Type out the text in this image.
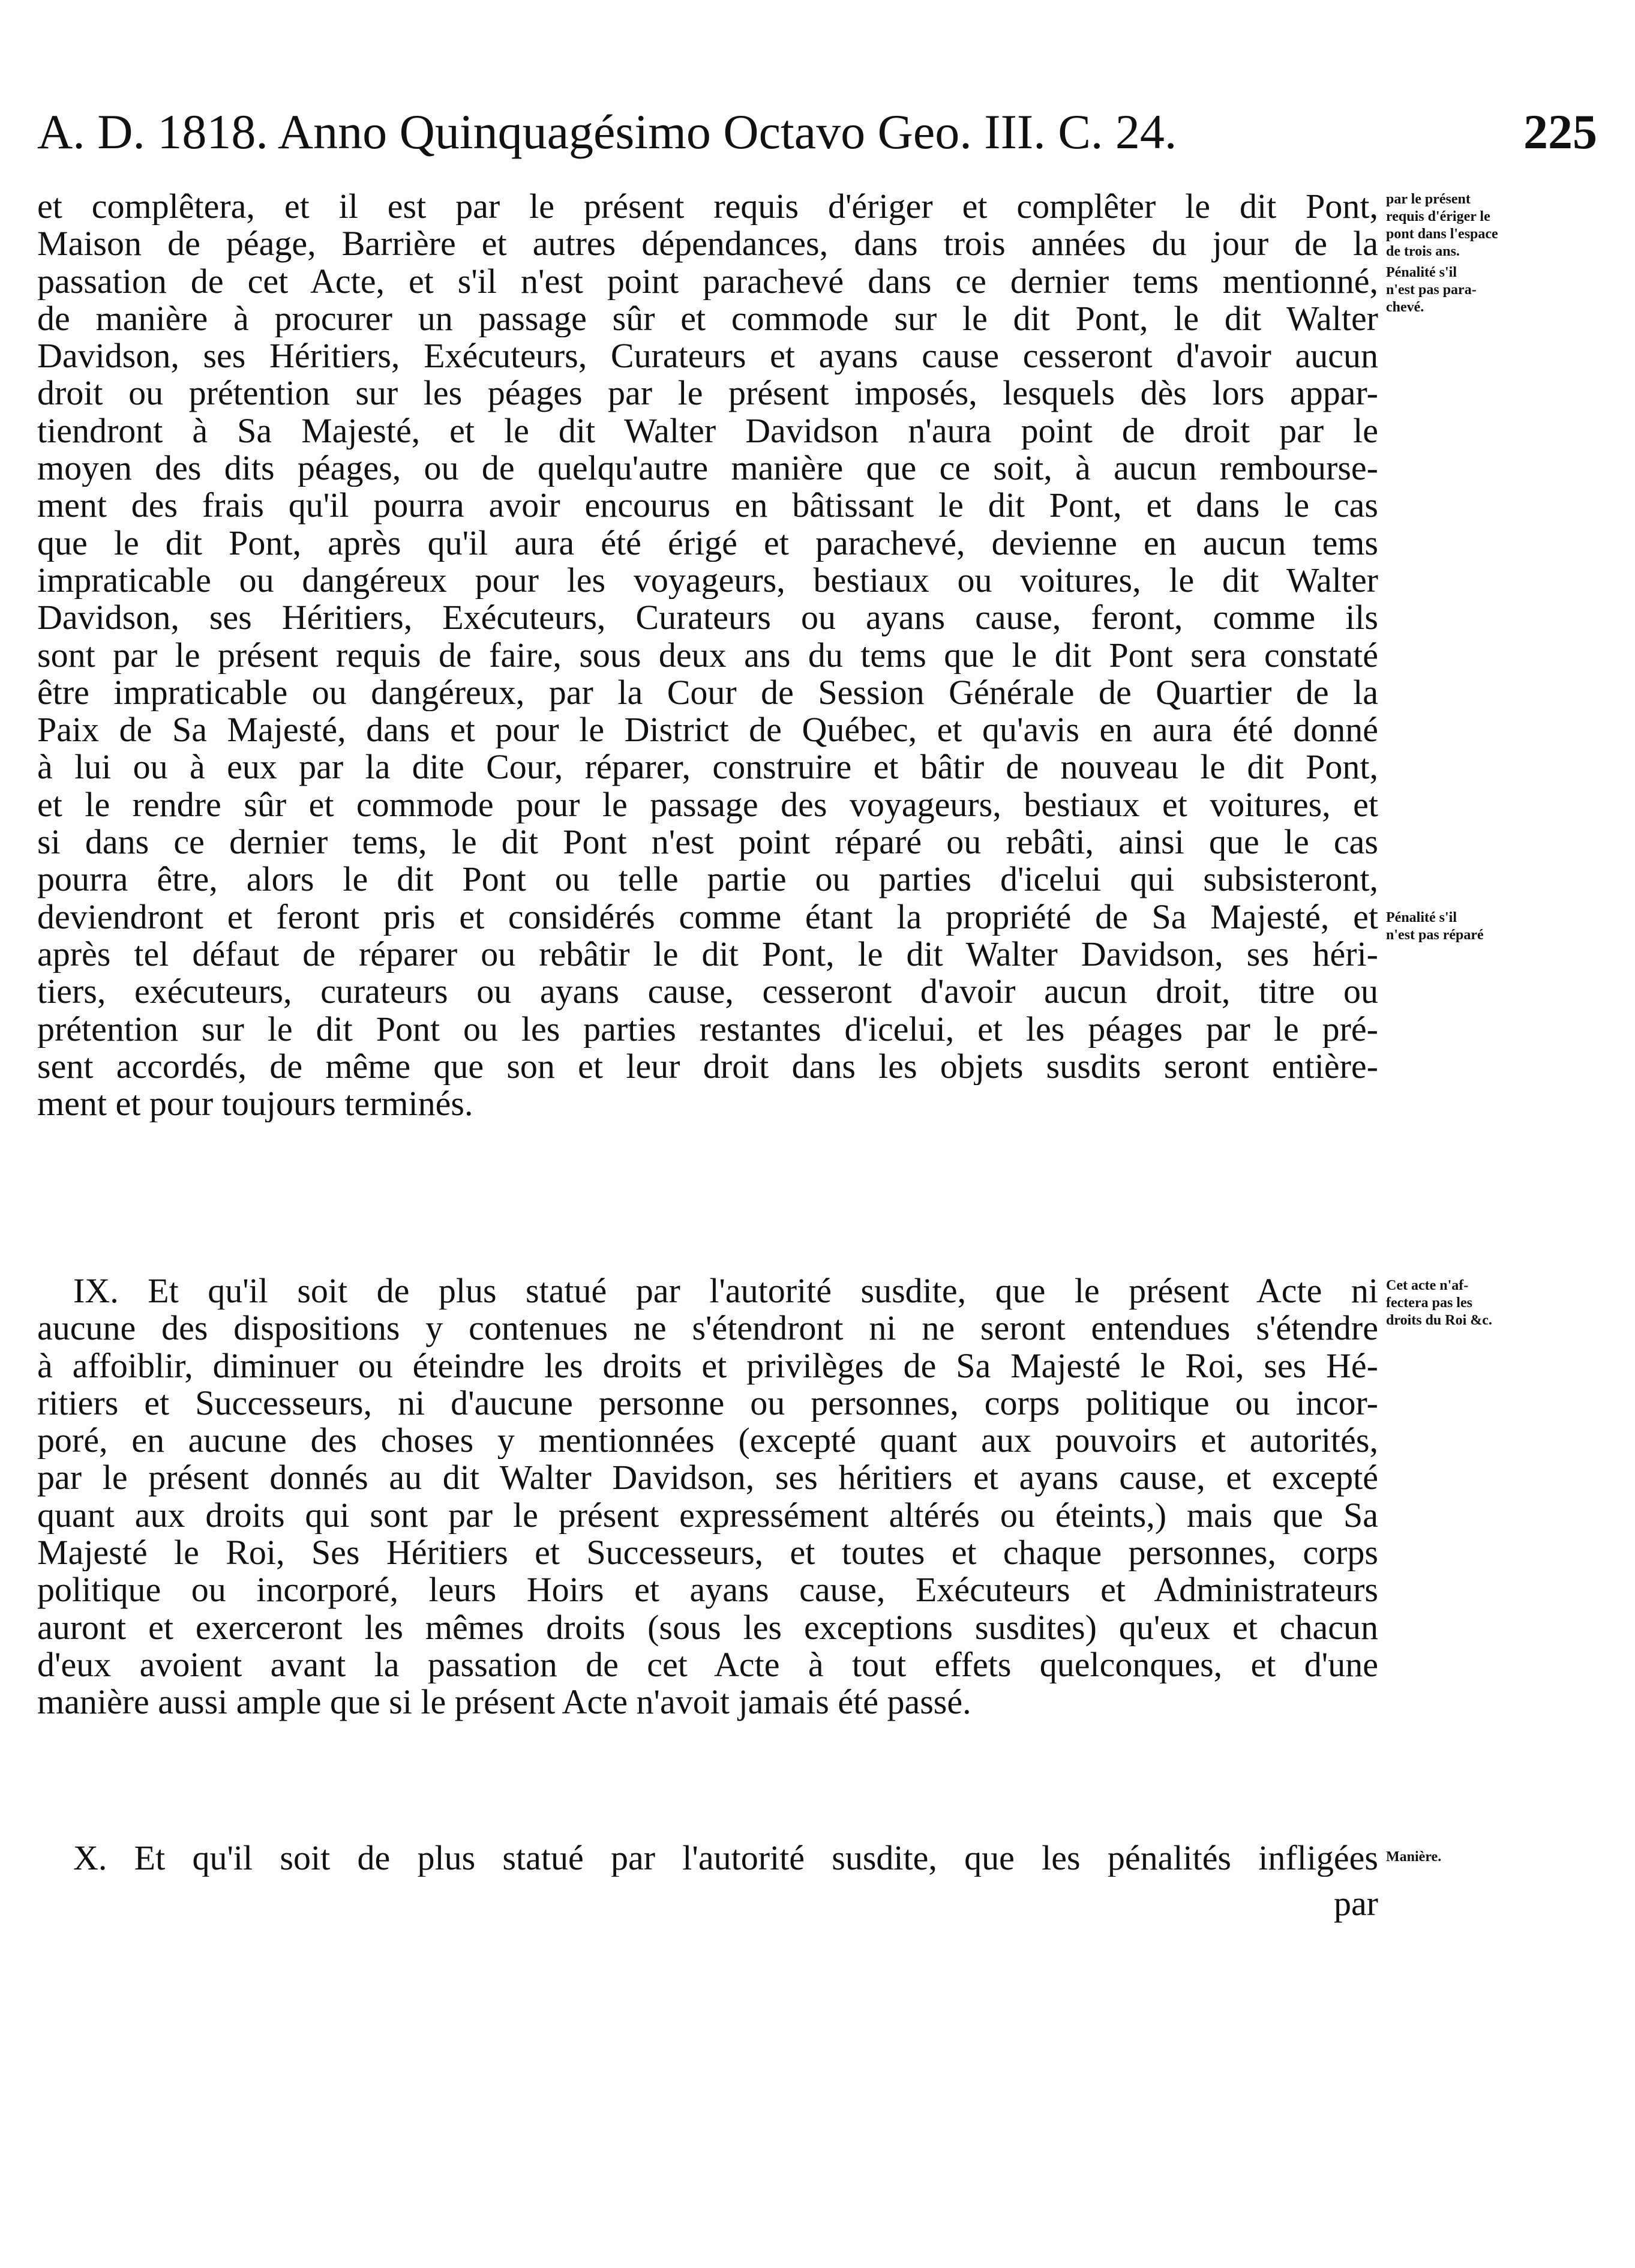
A. D. 1818. Anno Quinquagésimo Octavo Geo. III. C. 24.	225
et complêtera, et il est par le présent requis d'ériger et complêter le dit Pont,
Maison de péage, Barrière et autres dépendances, dans trois années du jour de la
passation de cet Acte, et s'il n'est point parachevé dans ce dernier tems mentionné,
de manière à procurer un passage sûr et commode sur le dit Pont, le dit Walter
Davidson, ses Héritiers, Exécuteurs, Curateurs et ayans cause cesseront d'avoir aucun
droit ou prétention sur les péages par le présent imposés, lesquels dès lors appar-
tiendront à Sa Majesté, et le dit Walter Davidson n'aura point de droit par le
moyen des dits péages, ou de quelqu'autre manière que ce soit, à aucun rembourse-
ment des frais qu'il pourra avoir encourus en bâtissant le dit Pont, et dans le cas
que le dit Pont, après qu'il aura été érigé et parachevé, devienne en aucun tems
impraticable ou dangéreux pour les voyageurs, bestiaux ou voitures, le dit Walter
Davidson, ses Héritiers, Exécuteurs, Curateurs ou ayans cause, feront, comme ils
sont par le présent requis de faire, sous deux ans du tems que le dit Pont sera constaté
être impraticable ou dangéreux, par la Cour de Session Générale de Quartier de la
Paix de Sa Majesté, dans et pour le District de Québec, et qu'avis en aura été donné
à lui ou à eux par la dite Cour, réparer, construire et bâtir de nouveau le dit Pont,
et le rendre sûr et commode pour le passage des voyageurs, bestiaux et voitures, et
si dans ce dernier tems, le dit Pont n'est point réparé ou rebâti, ainsi que le cas
pourra être, alors le dit Pont ou telle partie ou parties d'icelui qui subsisteront,
deviendront et feront pris et considérés comme étant la propriété de Sa Majesté, et
après tel défaut de réparer ou rebâtir le dit Pont, le dit Walter Davidson, ses héri-
tiers, exécuteurs, curateurs ou ayans cause, cesseront d'avoir aucun droit, titre ou
prétention sur le dit Pont ou les parties restantes d'icelui, et les péages par le pré-
sent accordés, de même que son et leur droit dans les objets susdits seront entière-
ment et pour toujours terminés.
IX. Et qu'il soit de plus statué par l'autorité susdite, que le présent Acte ni
aucune des dispositions y contenues ne s'étendront ni ne seront entendues s'étendre
à affoiblir, diminuer ou éteindre les droits et privilèges de Sa Majesté le Roi, ses Hé-
ritiers et Successeurs, ni d'aucune personne ou personnes, corps politique ou incor-
poré, en aucune des choses y mentionnées (excepté quant aux pouvoirs et autorités,
par le présent donnés au dit Walter Davidson, ses héritiers et ayans cause, et excepté
quant aux droits qui sont par le présent expressément altérés ou éteints,) mais que Sa
Majesté le Roi, Ses Héritiers et Successeurs, et toutes et chaque personnes, corps
politique ou incorporé, leurs Hoirs et ayans cause, Exécuteurs et Administrateurs
auront et exerceront les mêmes droits (sous les exceptions susdites) qu'eux et chacun
d'eux avoient avant la passation de cet Acte à tout effets quelconques, et d'une
manière aussi ample que si le présent Acte n'avoit jamais été passé.
X. Et qu'il soit de plus statué par l'autorité susdite, que les pénalités infligées
par
par le présent
requis d'ériger le
pont dans l'espace
de trois ans.
Pénalité s'il
n'est pas para-
chevé.
Pénalité s'il
n'est pas réparé
Cet acte n'af-
fectera pas les
droits du Roi &c.
Manière.
